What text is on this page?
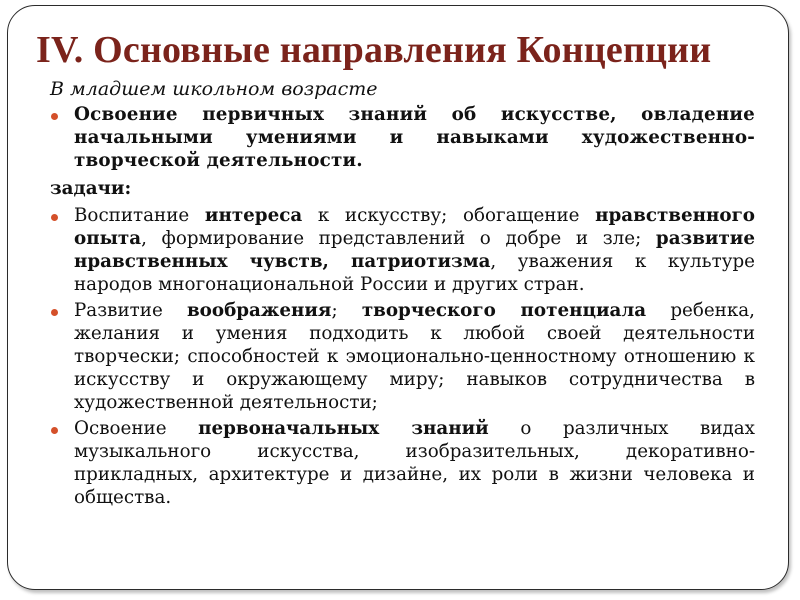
IV. Основные направления Концепции
В младшем школьном возрасте
Освоение первичных знаний об искусстве, овладение начальными умениями и навыками художественно-творческой деятельности.
задачи:
Воспитание интереса к искусству; обогащение нравственного опыта, формирование представлений о добре и зле; развитие нравственных чувств, патриотизма, уважения к культуре народов многонациональной России и других стран.
Развитие воображения; творческого потенциала ребенка, желания и умения подходить к любой своей деятельности творчески; способностей к эмоционально-ценностному отношению к искусству и окружающему миру; навыков сотрудничества в художественной деятельности;
Освоение первоначальных знаний о различных видах музыкального искусства, изобразительных, декоративно-прикладных, архитектуре и дизайне, их роли в жизни человека и общества.
